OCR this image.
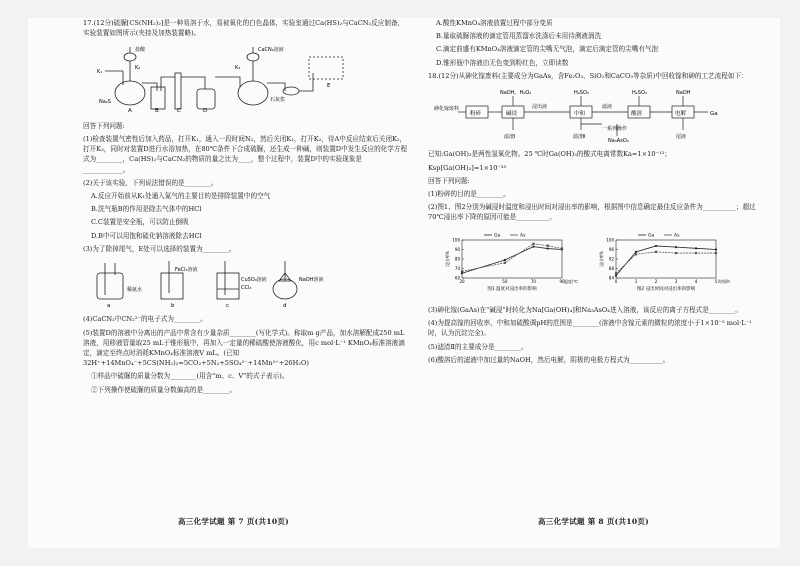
17.(12分)硫脲[CS(NH₂)₂]是一种易溶于水，易被氧化的白色晶体，实验室通过Ca(HS)₂与CaCN₂反应制备，实验装置如图所示(夹持及加热装置略)。

K₁
盐酸
K₂
CaCN₂溶液
K₃
石灰浆
Na₂S
A	B	C	D
E

回答下列问题:

(1)检查装置气密性后加入药品，打开K₁，通入一段时间N₂，然后关闭K₁，打开K₂，待A中反应结束后关闭K₂，打开K₃，同时对装置D进行水浴加热，在80℃条件下合成硫脲，还生成一种碱，则装置D中发生反应的化学方程式为________，Ca(HS)₂与CaCN₂的物质的量之比为____，整个过程中，装置D中的实验现象是____________。

(2)关于该实验，下列说法错误的是________。

A.反应开始前从K₁处通入氮气的主要目的是排除装置中的空气

B.洗气瓶B的作用是除去气体中的HCl

C.C装置是安全瓶，可以防止倒吸

D.B中可以用饱和硫化钠溶液除去HCl

(3)为了除掉尾气，E处可以选择的装置为________。

稀氨水
FeCl₃溶液
CuSO₄溶液
CCl₄
NaOH溶液
a	b	c	d

(4)CaCN₂中CN₂²⁻的电子式为________。

(5)装置D的溶液中分离出的产品中常含有少量杂质________(写化学式)。称取m g产品，加水溶解配成250 mL溶液，用移液管量取25 mL于锥形瓶中，再加入一定量的稀硫酸使溶液酸化，用c mol·L⁻¹ KMnO₄标准溶液滴定，滴定至终点时消耗KMnO₄标准溶液V mL。(已知32H⁺+14MnO₄⁻+5CS(NH₂)₂=5CO₂+5N₂+5SO₄²⁻+14Mn²⁺+26H₂O)

①样品中硫脲的质量分数为________(用含"m、c、V"的式子表示)。

②下列操作使硫脲的质量分数偏高的是________。

高三化学试题 第 7 页(共10页)

A.酸性KMnO₄溶液放置过程中部分变质

B.量取硫脲溶液的滴定管用蒸馏水洗涤后未用待测液润洗

C.滴定前盛有KMnO₄溶液滴定管的尖嘴无气泡，滴定后滴定管的尖嘴有气泡

D.锥形瓶中溶液由无色变到粉红色，立即读数

18.(12分)从砷化镓废料(主要成分为GaAs，含Fe₂O₃、SiO₂和CaCO₃等杂质)中回收镓和砷的工艺流程如下：

砷化镓废料
粉碎
NaOH、H₂O₂
碱浸
滤渣Ⅰ
浸出液
H₂SO₄
中和
滤渣Ⅱ
滤液
一系列操作
Na₃AsO₄
H₂SO₄
酸溶
NaOH
电解	Ga
尾液

已知:Ga(OH)₃是两性氢氧化物。25 ℃时Ga(OH)₃的酸式电离常数Ka=1×10⁻¹²；

Ksp[Ga(OH)₃]=1×10⁻³⁵

回答下列问题:

(1)粉碎的目的是________。

(2)图1、图2分别为碱浸时温度和浸出时间对浸出率的影响，根据图中信息确定最佳反应条件为__________；超过70℃浸出率下降的原因可能是__________。

60
70
80
90
100
20	50	70	90 温度/℃
浸出率%
图1 温度对浸出率的影响
Ga	As
84
88
92
96
100
0	1	2	3	4	5 时间/h
浸出率%
图2 浸出时间对浸出率的影响
Ga	As

(3)砷化镓(GaAs)在"碱浸"时转化为Na[Ga(OH)₄]和Na₃AsO₄进入溶液，该反应的离子方程式是________。

(4)为提高镓的回收率，中和加硫酸调pH的范围是________(溶液中含镓元素的微粒的浓度小于1×10⁻⁵ mol·L⁻¹时，认为沉淀完全)。

(5)滤渣Ⅱ的主要成分是________。

(6)酸溶后的滤液中加过量的NaOH，然后电解，阴极的电极方程式为__________。

高三化学试题 第 8 页(共10页)
